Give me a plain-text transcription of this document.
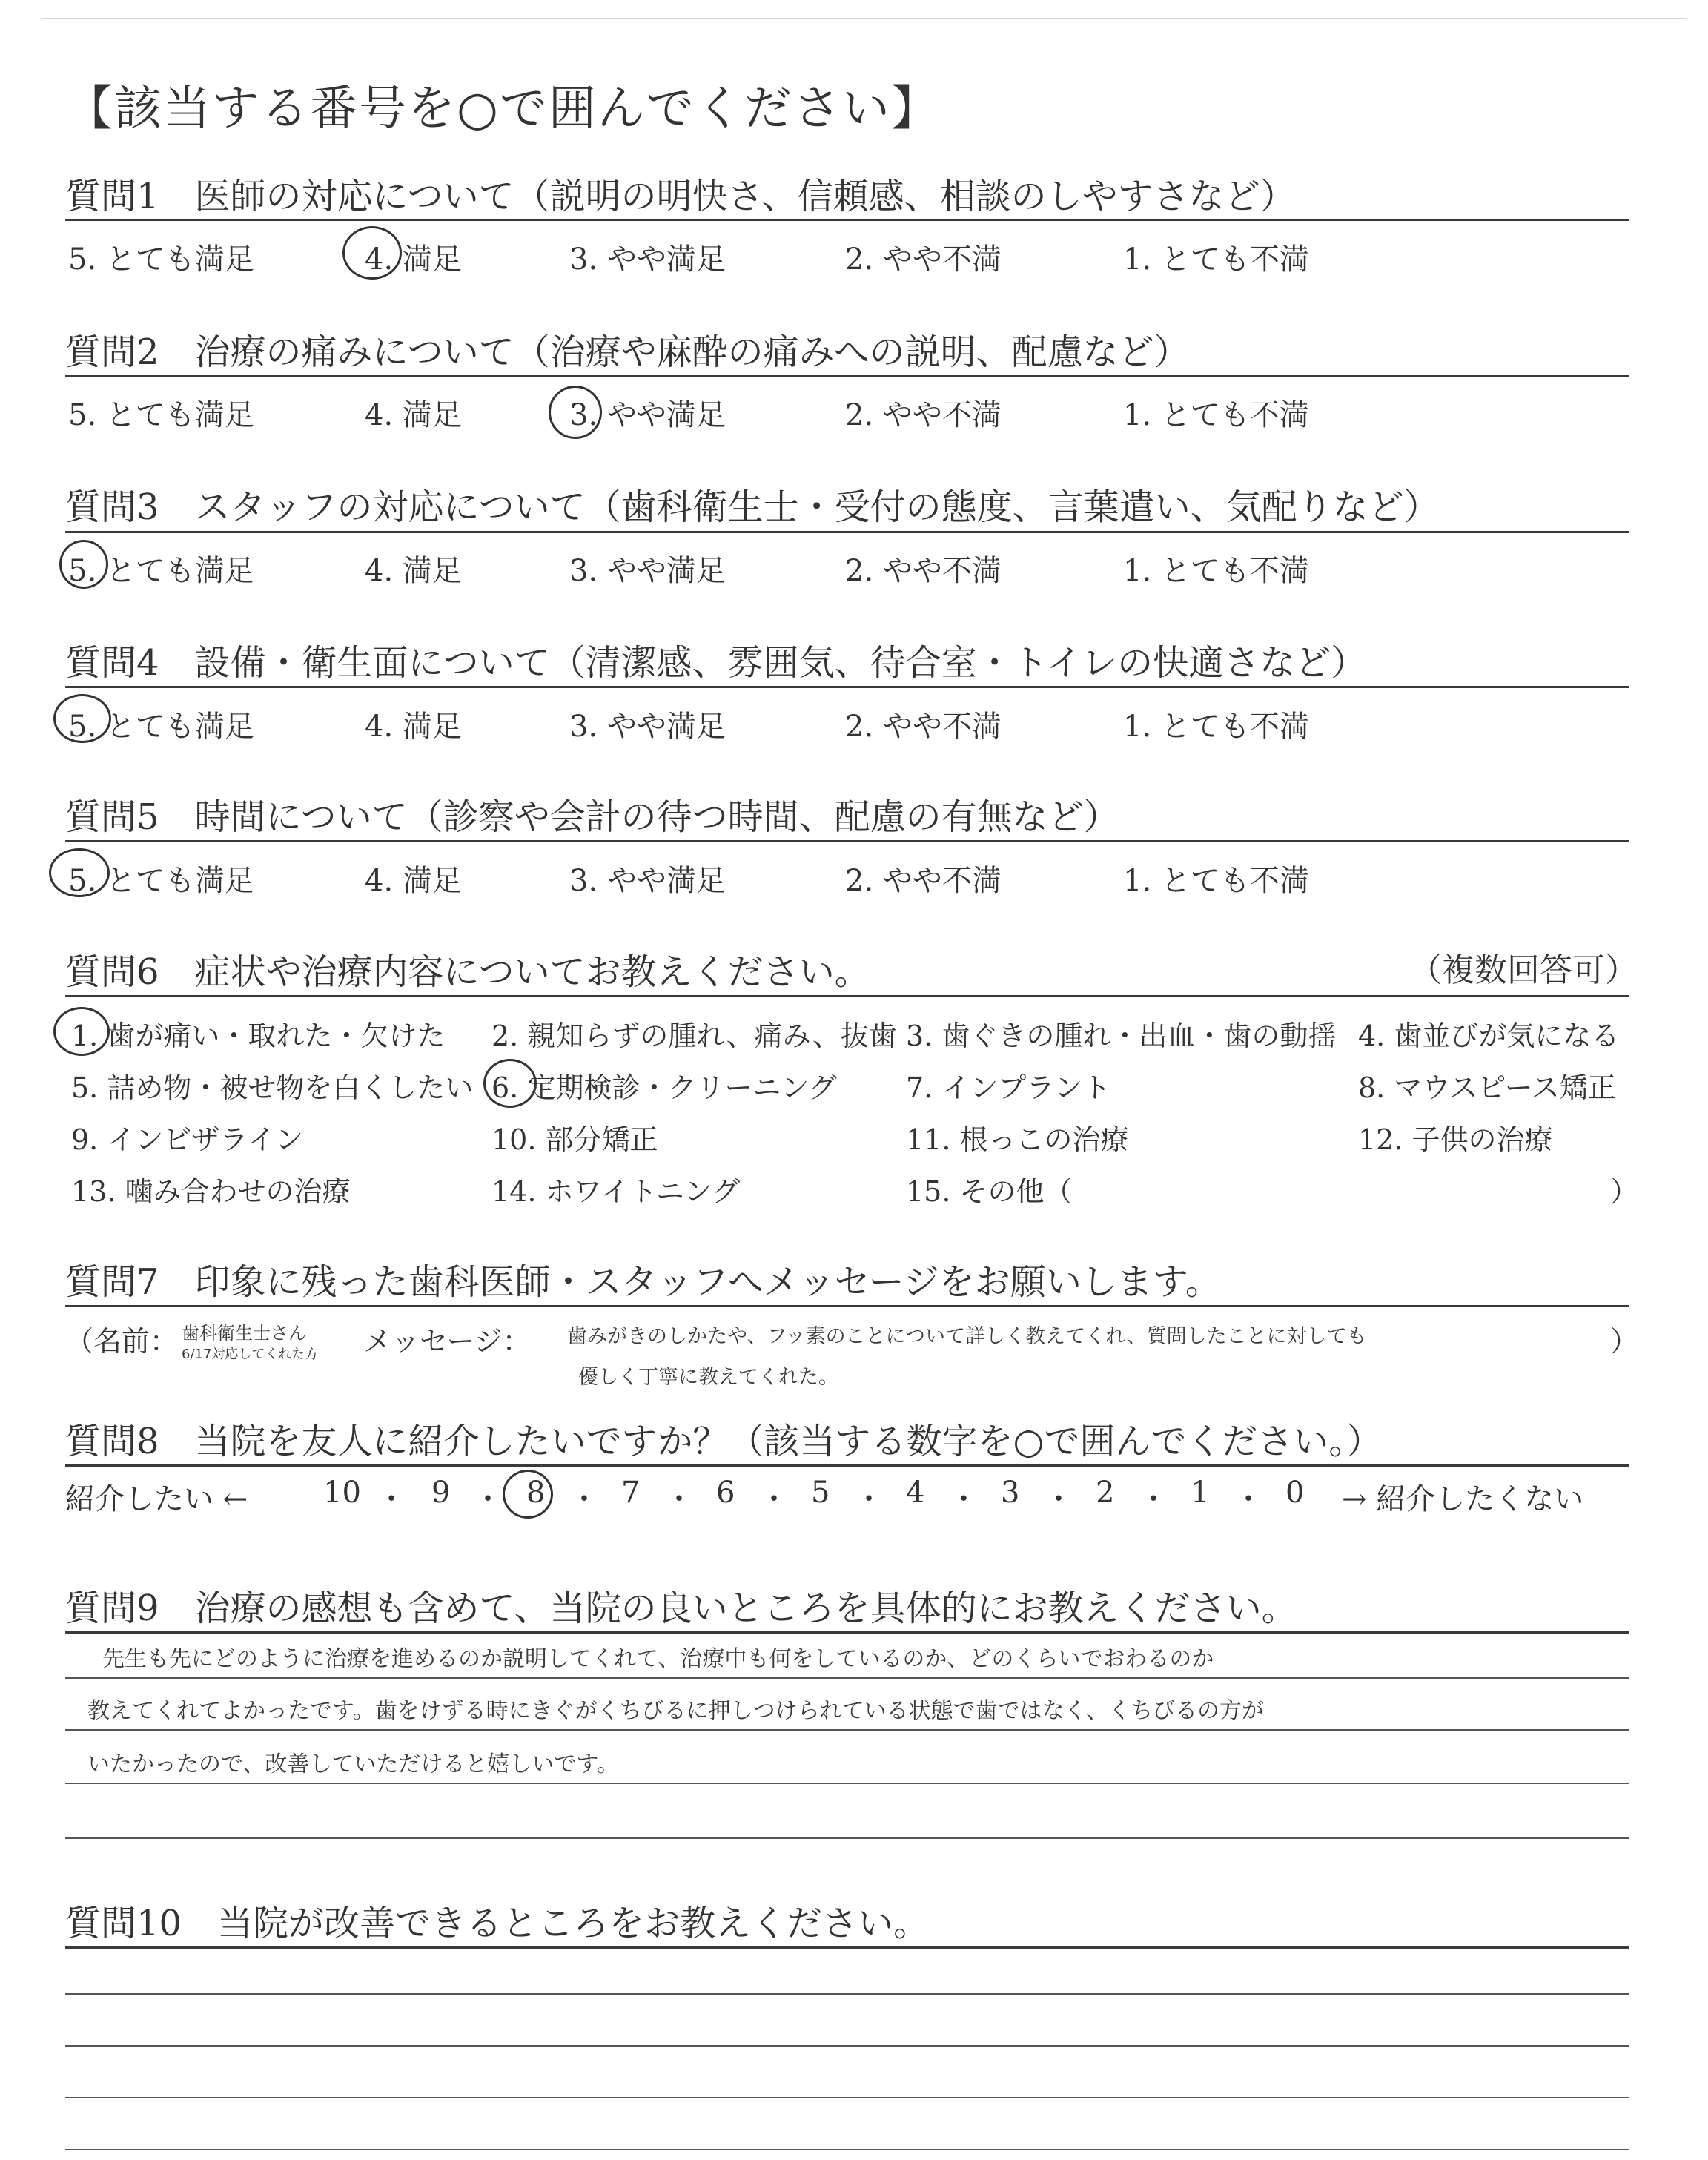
【該当する番号を○で囲んでください】
質問1　医師の対応について（説明の明快さ、信頼感、相談のしやすさなど）
5. とても満足	4. 満足	3. やや満足	2. やや不満	1. とても不満
質問2　治療の痛みについて（治療や麻酔の痛みへの説明、配慮など）
5. とても満足	4. 満足	3. やや満足	2. やや不満	1. とても不満
質問3　スタッフの対応について（歯科衛生士・受付の態度、言葉遣い、気配りなど）
5. とても満足	4. 満足	3. やや満足	2. やや不満	1. とても不満
質問4　設備・衛生面について（清潔感、雰囲気、待合室・トイレの快適さなど）
5. とても満足	4. 満足	3. やや満足	2. やや不満	1. とても不満
質問5　時間について（診察や会計の待つ時間、配慮の有無など）
5. とても満足	4. 満足	3. やや満足	2. やや不満	1. とても不満
質問6　症状や治療内容についてお教えください。	（複数回答可）
1. 歯が痛い・取れた・欠けた 2. 親知らずの腫れ、痛み、抜歯 3. 歯ぐきの腫れ・出血・歯の動揺 4. 歯並びが気になる
5. 詰め物・被せ物を白くしたい 6. 定期検診・クリーニング 7. インプラント	8. マウスピース矯正
9. インビザライン	10. 部分矯正	11. 根っこの治療	12. 子供の治療
13. 噛み合わせの治療	14. ホワイトニング	15. その他（	）
質問7　印象に残った歯科医師・スタッフへメッセージをお願いします。
（名前： 歯科衛生士さん
6/17対応してくれた方 メッセージ： 歯みがきのしかたや、フッ素のことについて詳しく教えてくれ、質問したことに対しても
優しく丁寧に教えてくれた。
）
質問8　当院を友人に紹介したいですか？（該当する数字を○で囲んでください。）
紹介したい ←	10 ・ 9 ・ 8 ・ 7 ・ 6 ・ 5 ・ 4 ・ 3 ・ 2 ・ 1 ・ 0 → 紹介したくない
質問9　治療の感想も含めて、当院の良いところを具体的にお教えください。
先生も先にどのように治療を進めるのか説明してくれて、治療中も何をしているのか、どのくらいでおわるのか
教えてくれてよかったです。歯をけずる時にきぐがくちびるに押しつけられている状態で歯ではなく、くちびるの方が
いたかったので、改善していただけると嬉しいです。
質問10　当院が改善できるところをお教えください。
